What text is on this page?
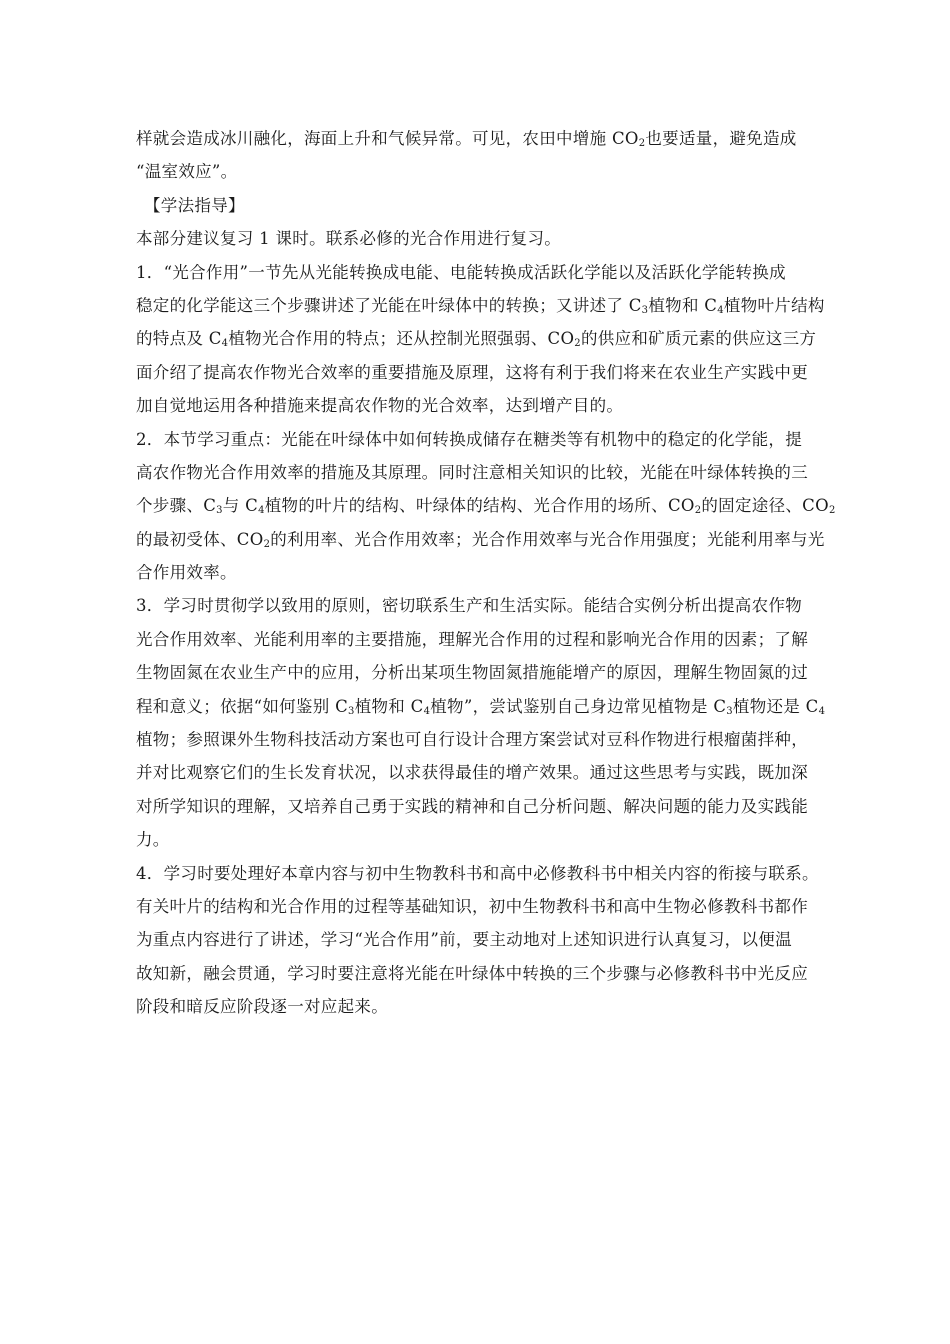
样就会造成冰川融化，海面上升和气候异常。可见，农田中增施 $CO_2$也要适量，避免造成
“温室效应”。
【学法指导】
本部分建议复习 1 课时。联系必修的光合作用进行复习。
1．“光合作用”一节先从光能转换成电能、电能转换成活跃化学能以及活跃化学能转换成
稳定的化学能这三个步骤讲述了光能在叶绿体中的转换；又讲述了 $C_3$植物和 $C_4$植物叶片结构
的特点及 $C_4$植物光合作用的特点；还从控制光照强弱、$CO_2$的供应和矿质元素的供应这三方
面介绍了提高农作物光合效率的重要措施及原理，这将有利于我们将来在农业生产实践中更
加自觉地运用各种措施来提高农作物的光合效率，达到增产目的。
2．本节学习重点：光能在叶绿体中如何转换成储存在糖类等有机物中的稳定的化学能，提
高农作物光合作用效率的措施及其原理。同时注意相关知识的比较，光能在叶绿体转换的三
个步骤、$C_3$与 $C_4$植物的叶片的结构、叶绿体的结构、光合作用的场所、$CO_2$的固定途径、$CO_2$
的最初受体、$CO_2$的利用率、光合作用效率；光合作用效率与光合作用强度；光能利用率与光
合作用效率。
3．学习时贯彻学以致用的原则，密切联系生产和生活实际。能结合实例分析出提高农作物
光合作用效率、光能利用率的主要措施，理解光合作用的过程和影响光合作用的因素；了解
生物固氮在农业生产中的应用，分析出某项生物固氮措施能增产的原因，理解生物固氮的过
程和意义；依据“如何鉴别 $C_3$植物和 $C_4$植物”，尝试鉴别自己身边常见植物是 $C_3$植物还是 $C_4$
植物；参照课外生物科技活动方案也可自行设计合理方案尝试对豆科作物进行根瘤菌拌种，
并对比观察它们的生长发育状况，以求获得最佳的增产效果。通过这些思考与实践，既加深
对所学知识的理解，又培养自己勇于实践的精神和自己分析问题、解决问题的能力及实践能
力。
4．学习时要处理好本章内容与初中生物教科书和高中必修教科书中相关内容的衔接与联系。
有关叶片的结构和光合作用的过程等基础知识，初中生物教科书和高中生物必修教科书都作
为重点内容进行了讲述，学习“光合作用”前，要主动地对上述知识进行认真复习，以便温
故知新，融会贯通，学习时要注意将光能在叶绿体中转换的三个步骤与必修教科书中光反应
阶段和暗反应阶段逐一对应起来。
